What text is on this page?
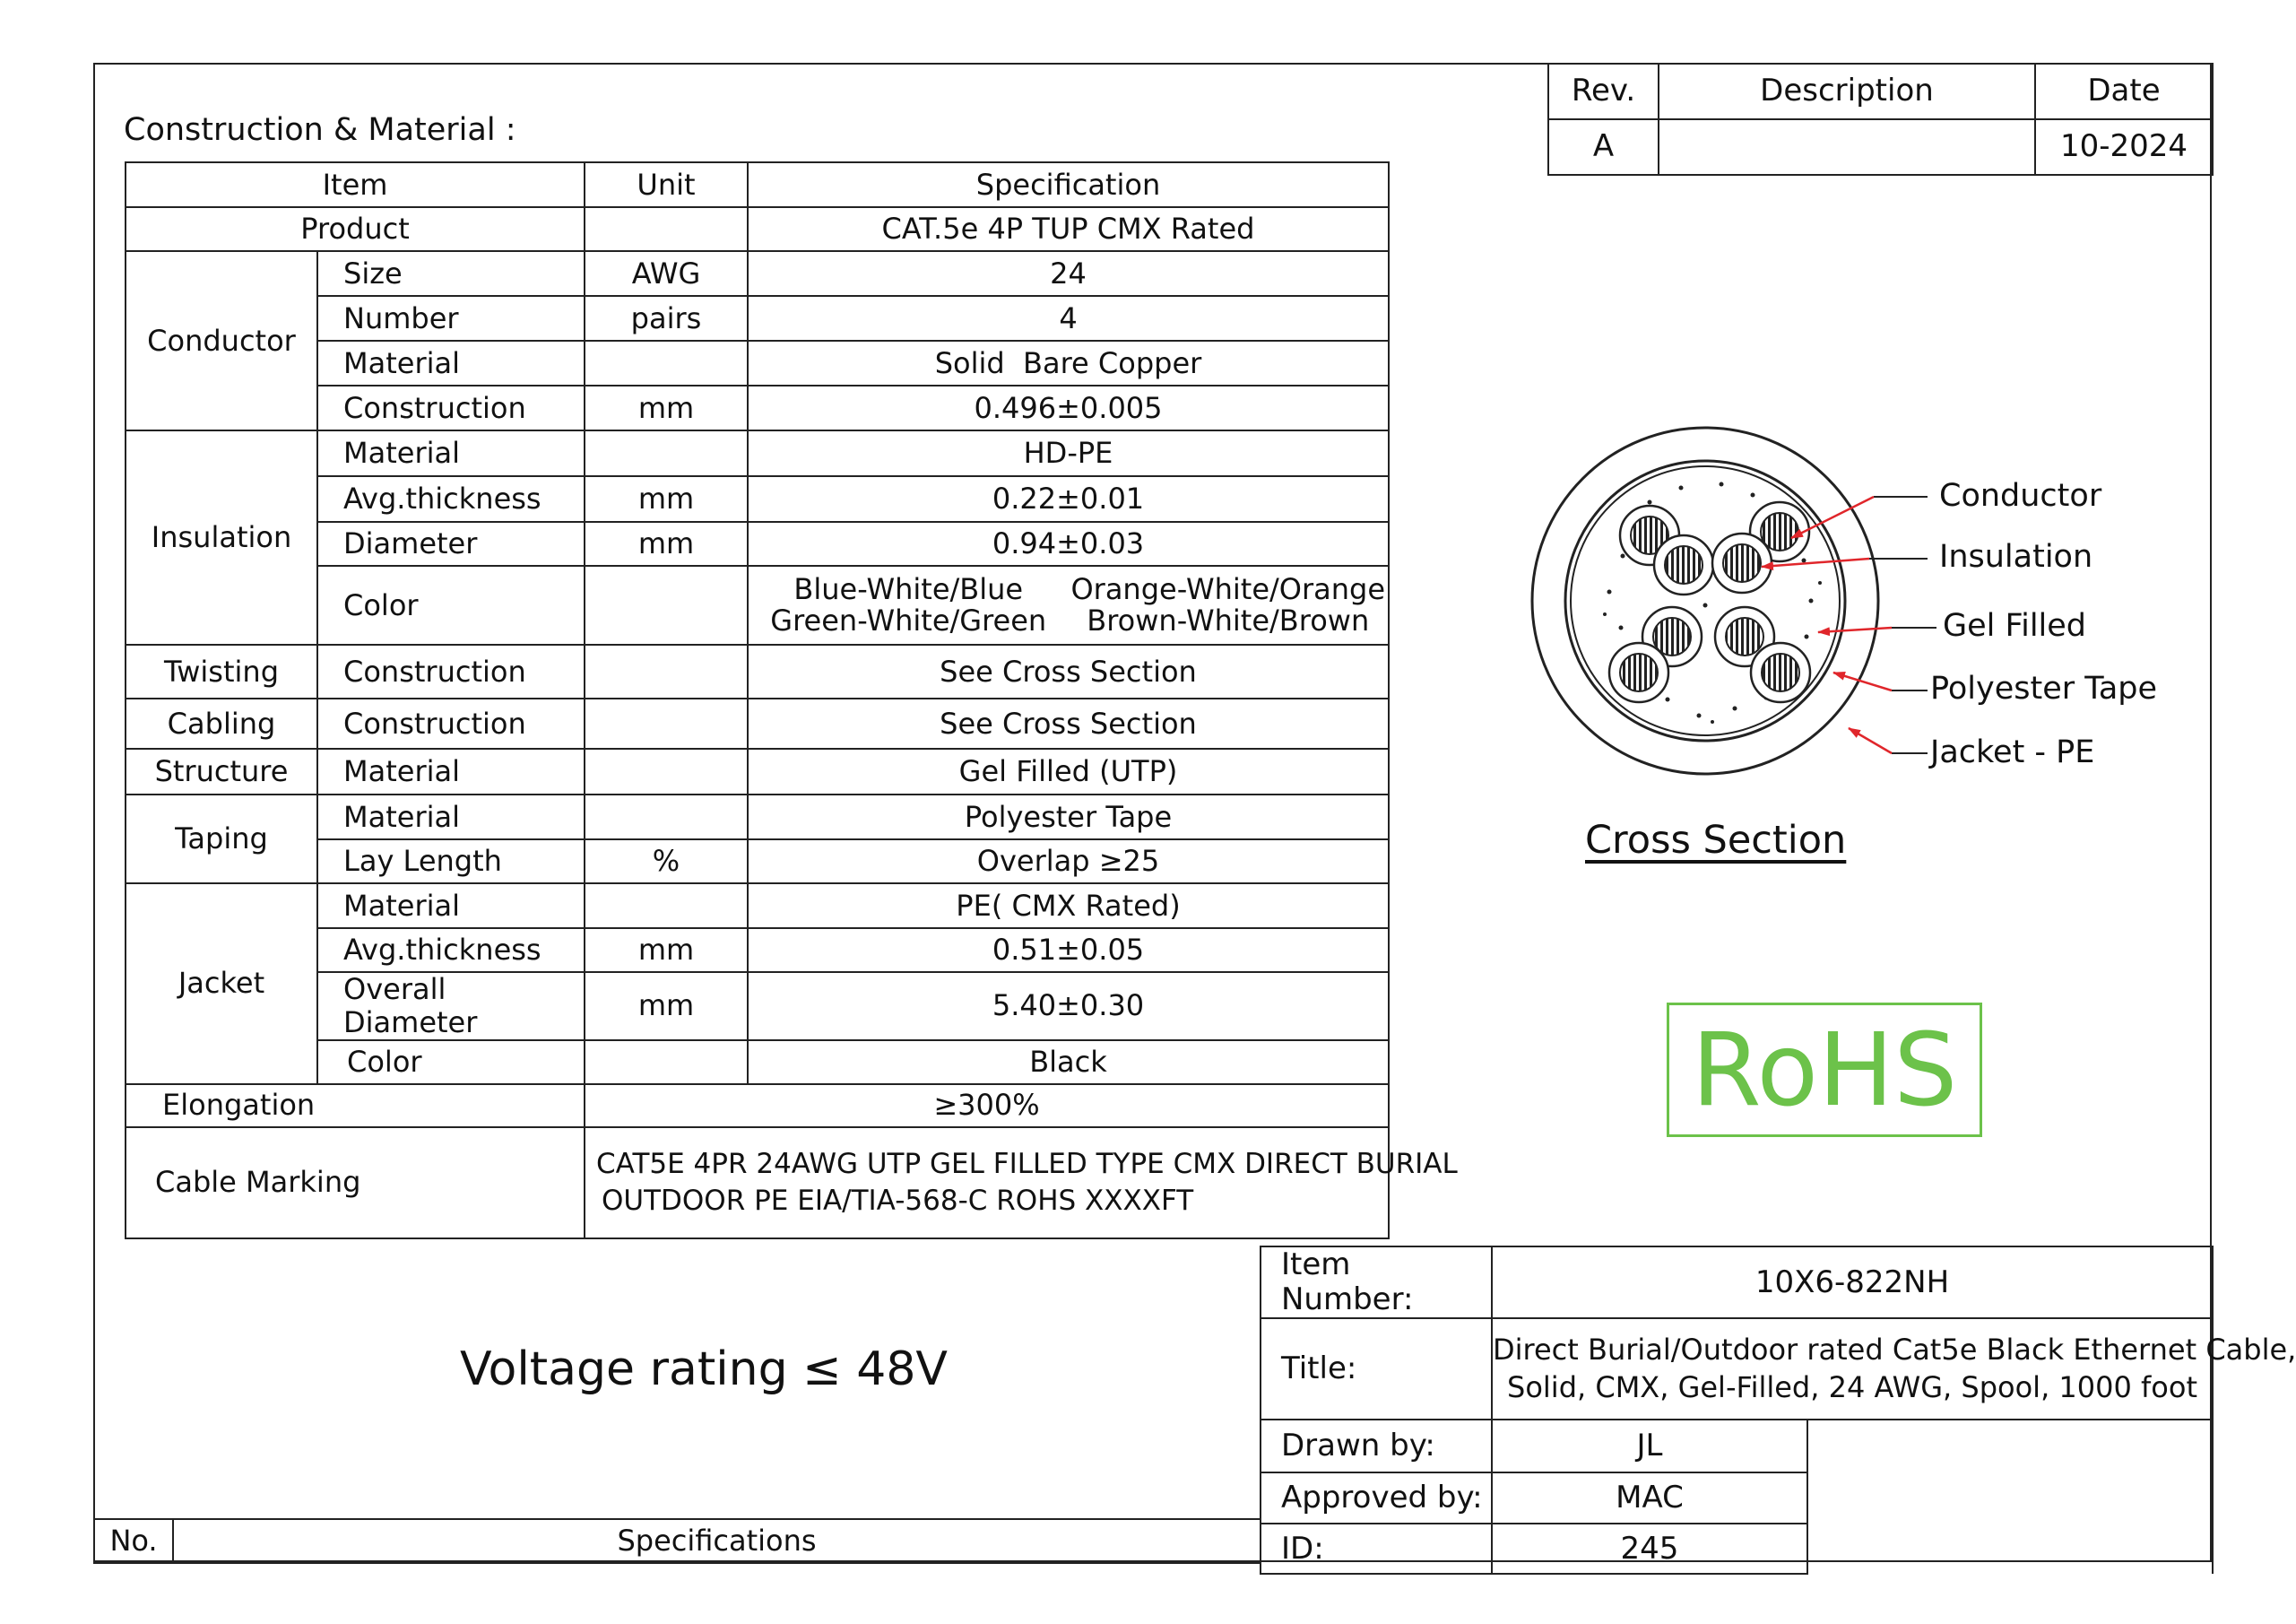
Construction & Material :
Item		Unit	Specification
Product			CAT.5e 4P TUP CMX Rated
Conductor	Size	AWG	24
	Number	pairs	4
	Material		Solid  Bare Copper
	Construction	mm	0.496±0.005
Insulation	Material		HD-PE
	Avg.thickness	mm	0.22±0.01
	Diameter	mm	0.94±0.03
	Color		Blue-White/Blue Orange-White/Orange
Green-White/Green Brown-White/Brown

Twisting	Construction		See Cross Section
Cabling	Construction		See Cross Section
Structure	Material		Gel Filled (UTP)
Taping	Material		Polyester Tape
	Lay Length	%	Overlap ≥25
Jacket	Material		PE( CMX Rated)
	Avg.thickness	mm	0.51±0.05
	Overall Diameter	mm	5.40±0.30
	Color		Black
Elongation		≥300%	
Cable Marking		CAT5E 4PR 24AWG UTP GEL FILLED TYPE CMX DIRECT BURIAL
OUTDOOR PE EIA/TIA-568-C ROHS XXXXFT	
Rev.	Description	Date
A		10-2024
Conductor
Insulation
Gel Filled
Polyester Tape
Jacket - PE
Cross Section
RoHS
Voltage rating ≤ 48V
Item Number:	10X6-822NH	
Title:	Direct Burial/Outdoor rated Cat5e Black Ethernet Cable,
Solid, CMX, Gel-Filled, 24 AWG, Spool, 1000 foot	

Drawn by:	JL	
Approved by:	MAC	
ID:	245	
No.	Specifications
